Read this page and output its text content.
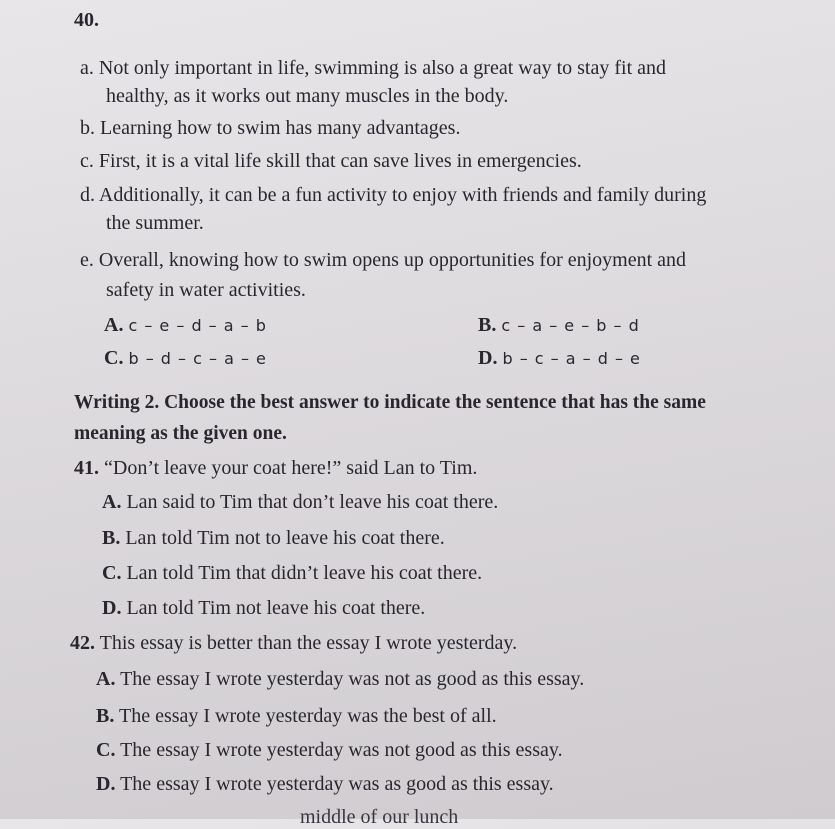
40.
a. Not only important in life, swimming is also a great way to stay fit and
healthy, as it works out many muscles in the body.
b. Learning how to swim has many advantages.
c. First, it is a vital life skill that can save lives in emergencies.
d. Additionally, it can be a fun activity to enjoy with friends and family during
the summer.
e. Overall, knowing how to swim opens up opportunities for enjoyment and
safety in water activities.
A. c – e – d – a – b	B. c – a – e – b – d
C. b – d – c – a – e	D. b – c – a – d – e
Writing 2. Choose the best answer to indicate the sentence that has the same
meaning as the given one.
41. “Don’t leave your coat here!” said Lan to Tim.
A. Lan said to Tim that don’t leave his coat there.
B. Lan told Tim not to leave his coat there.
C. Lan told Tim that didn’t leave his coat there.
D. Lan told Tim not leave his coat there.
42. This essay is better than the essay I wrote yesterday.
A. The essay I wrote yesterday was not as good as this essay.
B. The essay I wrote yesterday was the best of all.
C. The essay I wrote yesterday was not good as this essay.
D. The essay I wrote yesterday was as good as this essay.
middle of our lunch
